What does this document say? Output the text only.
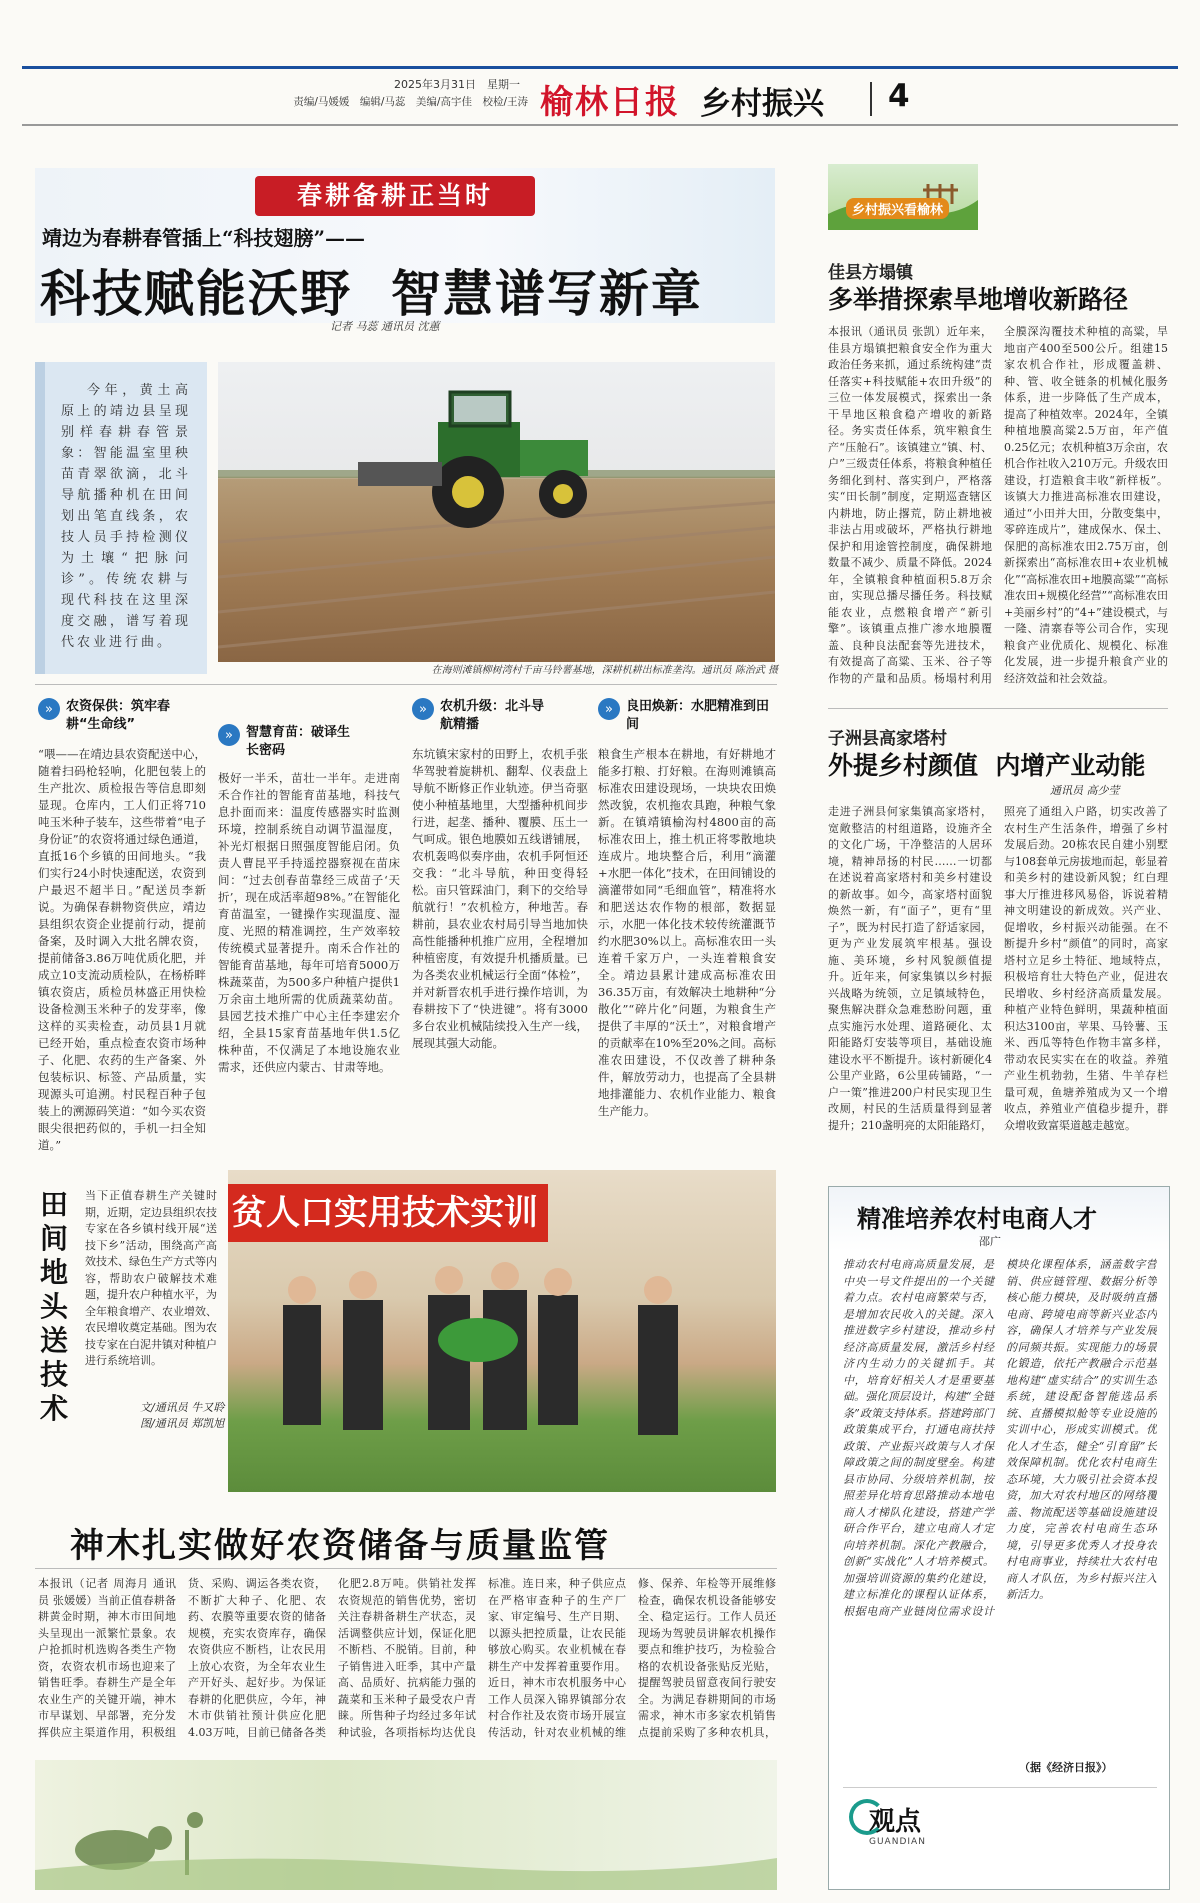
2025年3月31日　星期一
责编/马媛媛　编辑/马蕊　美编/高宇佳　校检/王涛 榆林日报 乡村振兴 4
春耕备耕正当时
靖边为春耕春管插上“科技翅膀”——
科技赋能沃野  智慧谱写新章
记者 马蕊 通讯员 沈蕙
今年，黄土高原上的靖边县呈现别样春耕春管景象：智能温室里秧苗青翠欲滴，北斗导航播种机在田间划出笔直线条，农技人员手持检测仪为土壤“把脉问诊”。传统农耕与现代科技在这里深度交融，谱写着现代农业进行曲。
在海则滩镇柳树湾村千亩马铃薯基地，深耕机耕出标准垄沟。通讯员 陈治武 摄
»	农资保供：筑牢春耕“生命线”
»	智慧育苗：破译生长密码
»	农机升级：北斗导航精播
»	良田焕新：水肥精准到田间
“喂——在靖边县农资配送中心，随着扫码枪轻响，化肥包装上的生产批次、质检报告等信息即刻显现。仓库内，工人们正将710吨玉米种子装车，这些带着“电子身份证”的农资将通过绿色通道，直抵16个乡镇的田间地头。“我们实行24小时快速配送，农资到户最迟不超半日。”配送员李新说。为确保春耕物资供应，靖边县组织农资企业提前行动，提前备案，及时调入大批名牌农资，提前储备3.86万吨优质化肥，并成立10支流动质检队，在杨桥畔镇农资店，质检员林盛正用快检设备检测玉米种子的发芽率，像这样的买卖检查，动员县1月就已经开始，重点检查农资市场种子、化肥、农药的生产备案、外包装标识、标签、产品质量，实现源头可追溯。村民程百种子包装上的溯源码笑道：“如今买农资眼尖很把药似的，手机一扫全知道。”
极好一半禾，苗壮一半年。走进南禾合作社的智能育苗基地，科技气息扑面而来：温度传感器实时监测环境，控制系统自动调节温湿度，补光灯根据日照强度智能启闭。负责人曹昆平手持遥控器察视在苗床间：“过去创春苗靠经三成苗子‘天折’，现在成活率超98%。”在智能化育苗温室，一键操作实现温度、湿度、光照的精准调控，生产效率较传统模式显著提升。南禾合作社的智能育苗基地，每年可培育5000万株蔬菜苗，为500多户种植户提供1万余亩土地所需的优质蔬菜幼苗。县园艺技术推广中心主任李建宏介绍，全县15家育苗基地年供1.5亿株种苗，不仅满足了本地设施农业需求，还供应内蒙古、甘肃等地。
东坑镇宋家村的田野上，农机手张华驾驶着旋耕机、翻犁、仪表盘上导航不断修正作业轨迹。伊当奇驱使小种植基地里，大型播种机间步行进，起垄、播种、覆膜、压土一气呵成。银色地膜如五线谱铺展，农机轰鸣似奏序曲，农机手阿恒还交我：“北斗导航，种田变得轻松。亩只管踩油门，剩下的交给导航就行！”农机检方，种地苦。春耕前，县农业农村局引导当地加快高性能播种机推广应用，全程增加种植密度，有效提升机播质量。已为各类农业机械运行全面“体检”，并对新晋农机手进行操作培训，为春耕按下了“快进键”。将有3000多台农业机械陆续投入生产一线，展现其强大动能。
粮食生产根本在耕地，有好耕地才能多打粮、打好粮。在海则滩镇高标准农田建设现场，一块块农田焕然改貌，农机拖农具跑，种粮气象新。在镇靖镇榆沟村4800亩的高标准农田上，推土机正将零散地块连成片。地块整合后，利用“滴灌+水肥一体化”技术，在田间铺设的滴灌带如同“毛细血管”，精准将水和肥送达农作物的根部，数据显示，水肥一体化技术较传统灌溉节约水肥30%以上。高标准农田一头连着千家万户，一头连着粮食安全。靖边县累计建成高标准农田36.35万亩，有效解决土地耕种“分散化”“碎片化”问题，为粮食生产提供了丰厚的“沃土”，对粮食增产的贡献率在10%至20%之间。高标准农田建设，不仅改善了耕种条件，解放劳动力，也提高了全县耕地排灌能力、农机作业能力、粮食生产能力。
田间地头送技术
当下正值春耕生产关键时期，近期，定边县组织农技专家在各乡镇村线开展“送技下乡”活动，围绕高产高效技术、绿色生产方式等内容，帮助农户破解技术难题，提升农户种植水平，为全年粮食增产、农业增效、农民增收奠定基础。图为农技专家在白泥井镇对种植户进行系统培训。
文/通讯员 牛又聆
图/通讯员 郑凯旭
贫人口实用技术实训
神木扎实做好农资储备与质量监管
本报讯（记者 周海月 通讯员 张媛媛）当前正值春耕备耕黄金时期，神木市田间地头呈现出一派繁忙景象。农户抢抓时机选购各类生产物资，农资农机市场也迎来了销售旺季。春耕生产是全年农业生产的关键开端，神木市早谋划、早部署，充分发挥供应主渠道作用，积极组货、采购、调运各类农资，不断扩大种子、化肥、农药、农膜等重要农资的储备规模，充实农资库存，确保农资供应不断档，让农民用上放心农资，为全年农业生产开好头、起好步。为保证春耕的化肥供应，今年，神木市供销社预计供应化肥4.03万吨，目前已储备各类化肥2.8万吨。供销社发挥农资规范的销售优势，密切关注春耕备耕生产状态，灵活调整供应计划，保证化肥不断档、不脱销。目前，种子销售进入旺季，其中产量高、品质好、抗病能力强的蔬菜和玉米种子最受农户青睐。所售种子均经过多年试种试验，各项指标均达优良标准。连日来，种子供应点在严格审查种子的生产厂家、审定编号、生产日期、以源头把控质量，让农民能够放心购买。农业机械在春耕生产中发挥着重要作用。近日，神木市农机服务中心工作人员深入锦界镇部分农村合作社及农资市场开展宣传活动，针对农业机械的维修、保养、年检等开展维修检查，确保农机设备能够安全、稳定运行。工作人员还现场为驾驶员讲解农机操作要点和维护技巧，为检验合格的农机设备张贴反光贴，提醒驾驶员留意夜间行驶安全。为满足春耕期间的市场需求，神木市多家农机销售点提前采购了多种农机具，
乡村振兴看榆林
佳县方塌镇
多举措探索旱地增收新路径
本报讯（通讯员 张凯）近年来，佳县方塌镇把粮食安全作为重大政治任务来抓，通过系统构建“责任落实+科技赋能+农田升级”的三位一体发展模式，探索出一条干旱地区粮食稳产增收的新路径。务实责任体系，筑牢粮食生产“压舱石”。该镇建立“镇、村、户”三级责任体系，将粮食种植任务细化到村、落实到户，严格落实“田长制”制度，定期巡查辖区内耕地，防止撂荒，防止耕地被非法占用或破坏，严格执行耕地保护和用途管控制度，确保耕地数量不减少、质量不降低。2024年，全镇粮食种植面积5.8万余亩，实现总播尽播任务。科技赋能农业，点燃粮食增产“新引擎”。该镇重点推广渗水地膜覆盖、良种良法配套等先进技术，有效提高了高粱、玉米、谷子等作物的产量和品质。杨塌村利用全膜深沟覆技术种植的高粱，旱地亩产400至500公斤。组建15家农机合作社，形成覆盖耕、种、管、收全链条的机械化服务体系，进一步降低了生产成本，提高了种植效率。2024年，全镇种植地膜高粱2.5万亩，年产值0.25亿元；农机种植3万余亩，农机合作社收入210万元。升级农田建设，打造粮食丰收“新样板”。该镇大力推进高标准农田建设，通过“小田并大田，分散变集中，零碎连成片”，建成保水、保土、保肥的高标准农田2.75万亩，创新探索出“高标准农田+农业机械化”“高标准农田+地膜高粱”“高标准农田+规模化经营”“高标准农田+美丽乡村”的“4+”建设模式，与一隆、清寨春等公司合作，实现粮食产业优质化、规模化、标准化发展，进一步提升粮食产业的经济效益和社会效益。
子洲县高家塔村
外提乡村颜值  内增产业动能
通讯员 高少莹
走进子洲县何家集镇高家塔村，宽敞整洁的村组道路，设施齐全的文化广场，干净整洁的人居环境，精神昂扬的村民……一切都在述说着高家塔村和美乡村建设的新故事。如今，高家塔村面貌焕然一新，有“面子”，更有“里子”，既为村民打造了舒适家园，更为产业发展筑牢根基。强设施、美环境，乡村风貌颜值提升。近年来，何家集镇以乡村振兴战略为统领，立足镇域特色，聚焦解决群众急难愁盼问题，重点实施污水处理、道路硬化、太阳能路灯安装等项目，基础设施建设水平不断提升。该村新硬化4公里产业路，6公里砖铺路，“一户一策”推进200户村民实现卫生改厕，村民的生活质量得到显著提升；210盏明亮的太阳能路灯，照亮了通组入户路，切实改善了农村生产生活条件，增强了乡村发展后劲。20栋农民自建小别墅与108套单元房拔地而起，彰显着和美乡村的建设新风貌；红白理事大厅推进移风易俗，诉说着精神文明建设的新成效。兴产业、促增收，乡村振兴动能强。在不断提升乡村“颜值”的同时，高家塔村立足乡土特征、地域特点，积极培育壮大特色产业，促进农民增收、乡村经济高质量发展。种植产业特色鲜明，果蔬种植面积达3100亩，苹果、马铃薯、玉米、西瓜等特色作物丰富多样，带动农民实实在在的收益。养殖产业生机勃勃，生猪、牛羊存栏量可观，鱼塘养殖成为又一个增收点，养殖业产值稳步提升，群众增收致富渠道越走越宽。
精准培养农村电商人才
邵广
推动农村电商高质量发展，是中央一号文件提出的一个关键着力点。农村电商繁荣与否，是增加农民收入的关键。深入推进数字乡村建设，推动乡村经济高质量发展，激活乡村经济内生动力的关键抓手。其中，培育好相关人才是重要基础。强化顶层设计，构建“全链条”政策支持体系。搭建跨部门政策集成平台，打通电商扶持政策、产业振兴政策与人才保障政策之间的制度壁垒。构建县市协同、分级培养机制，按照差异化培育思路推动本地电商人才梯队化建设，搭建产学研合作平台，建立电商人才定向培养机制。深化产教融合，创新“实战化”人才培养模式。加强培训资源的集约化建设，建立标准化的课程认证体系，根据电商产业链岗位需求设计模块化课程体系，涵盖数字营销、供应链管理、数据分析等核心能力模块，及时吸纳直播电商、跨境电商等新兴业态内容，确保人才培养与产业发展的同频共振。实现能力的场景化锻造，依托产教融合示范基地构建“虚实结合”的实训生态系统，建设配备智能选品系统、直播模拟舱等专业设施的实训中心，形成实训模式。优化人才生态，健全“引育留”长效保障机制。优化农村电商生态环境，大力吸引社会资本投资，加大对农村地区的网络覆盖、物流配送等基础设施建设力度，完善农村电商生态环境，引导更多优秀人才投身农村电商事业，持续壮大农村电商人才队伍，为乡村振兴注入新活力。
（据《经济日报》）
观点
GUANDIAN
